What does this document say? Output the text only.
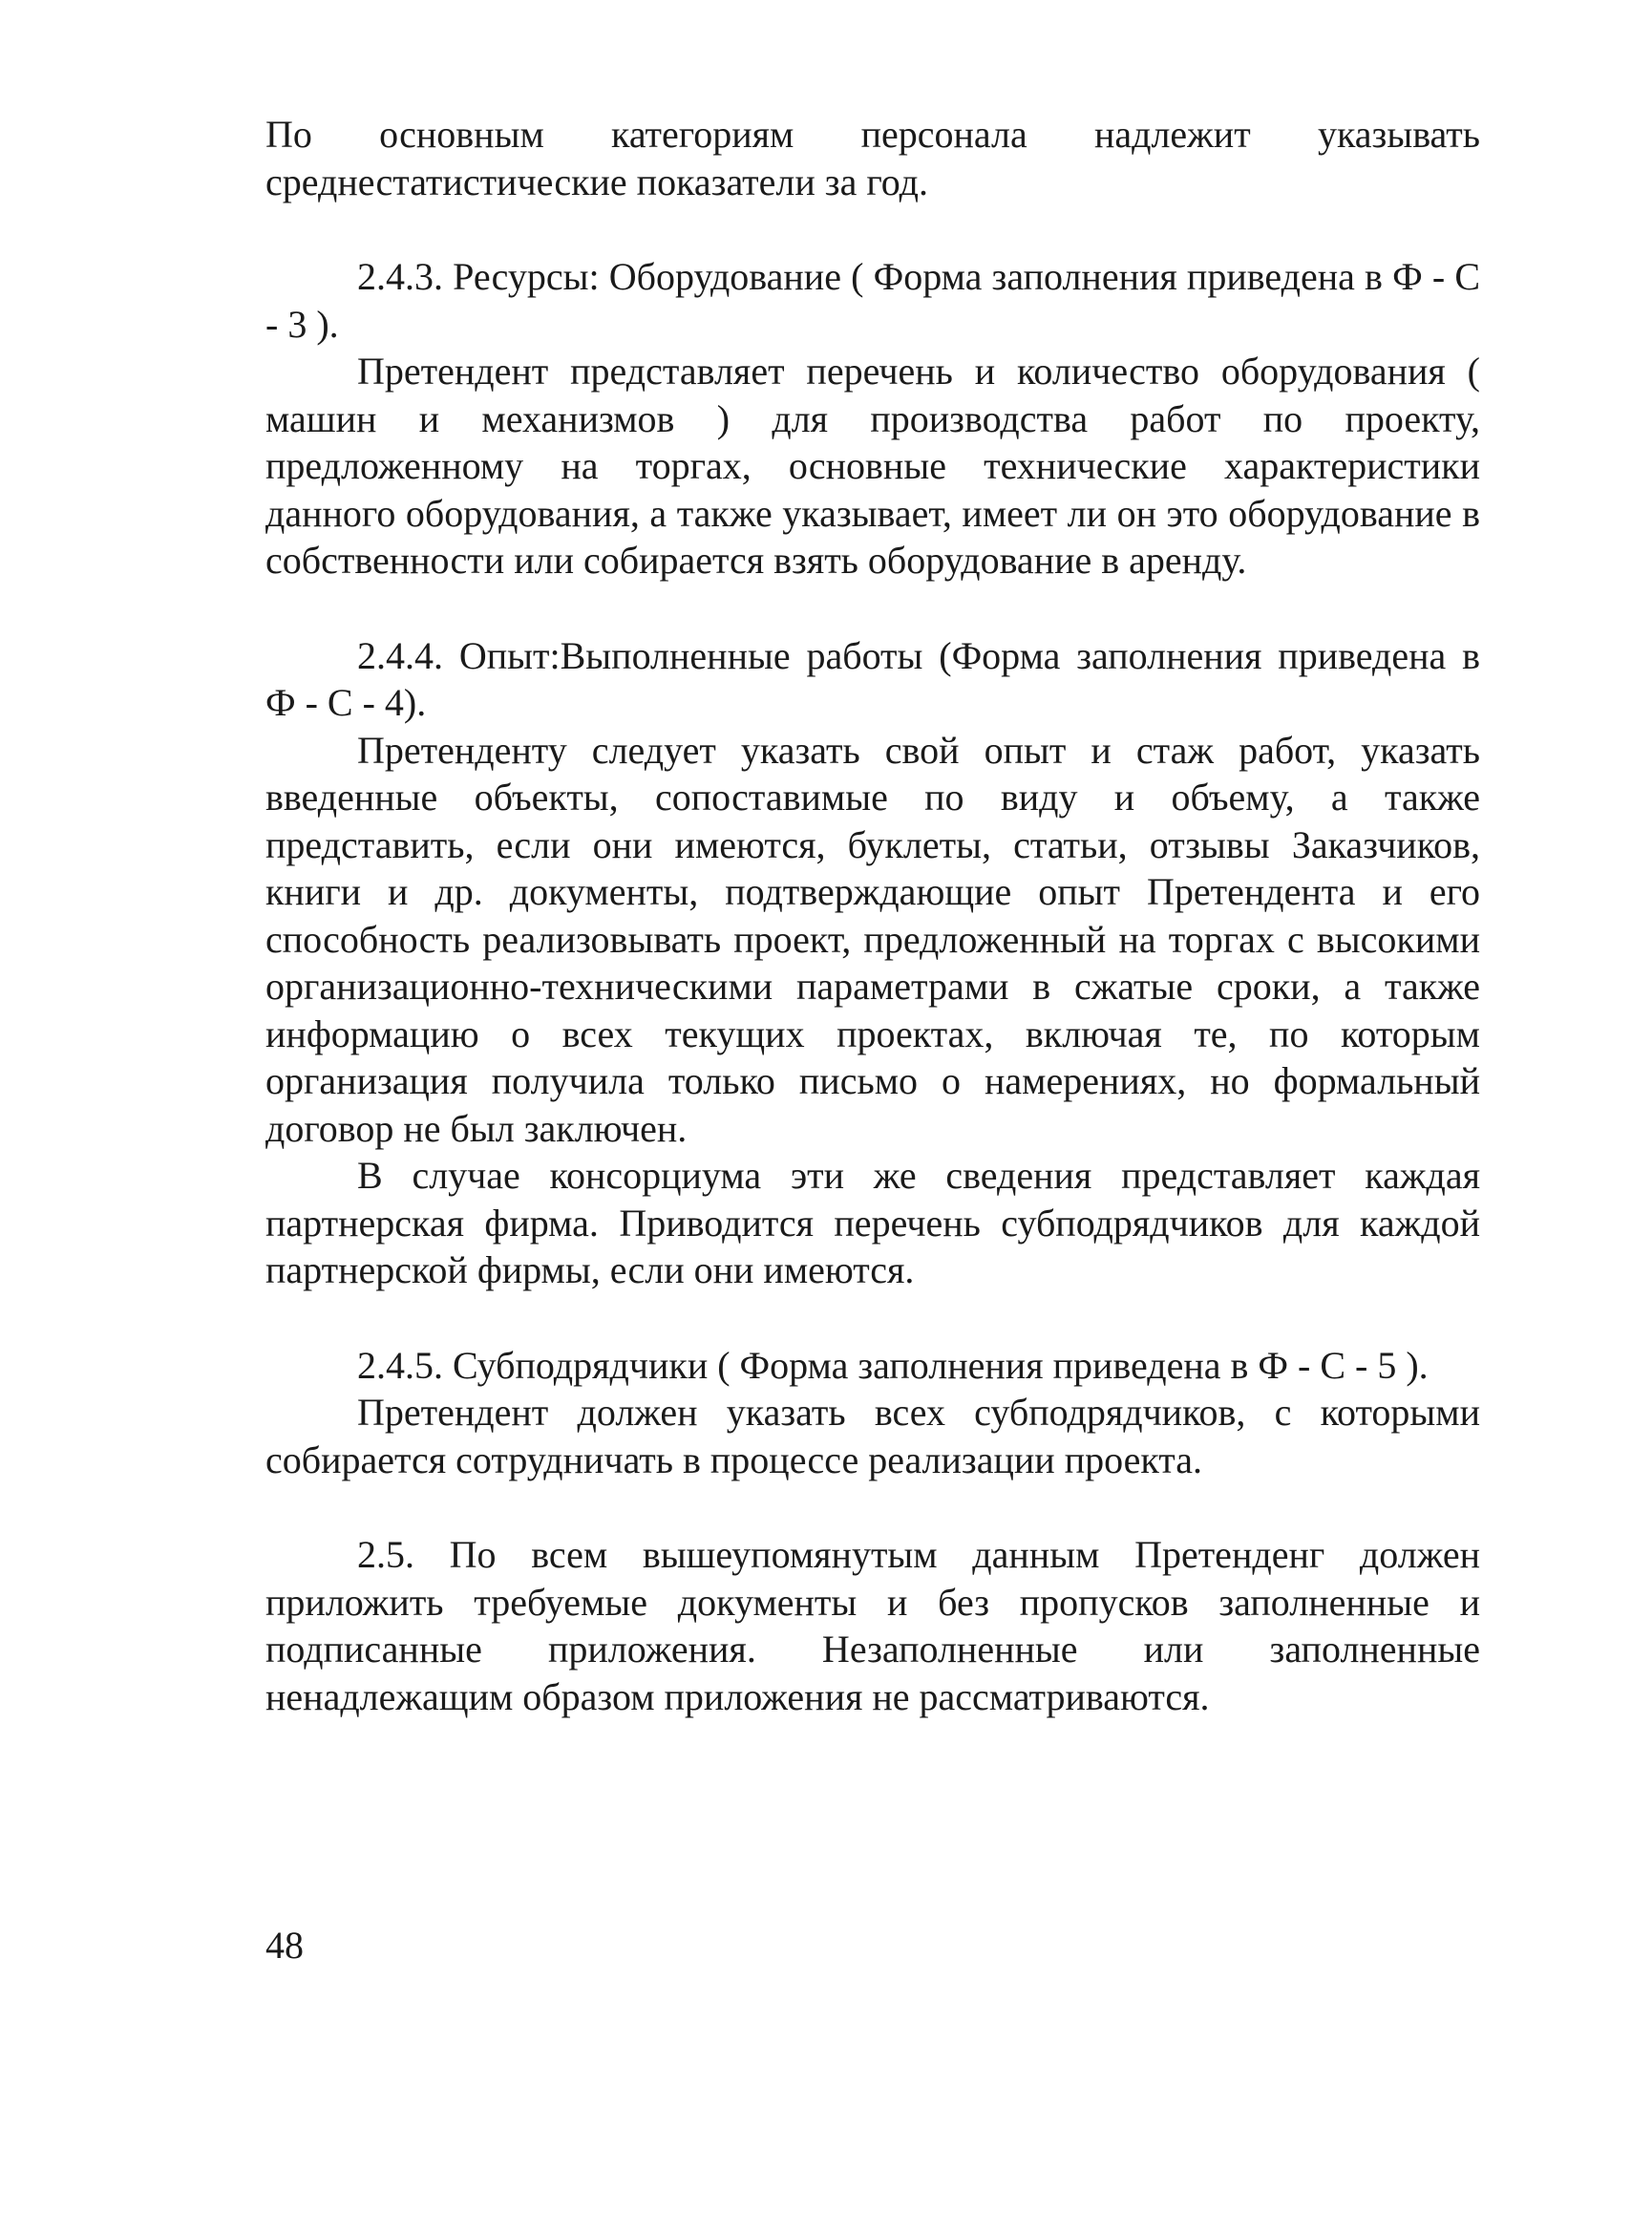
По основным категориям персонала надлежит указывать среднестатистические показатели за год.

2.4.3. Ресурсы: Оборудование ( Форма заполнения приведена в Ф - С - 3 ).

Претендент представляет перечень и количество оборудования ( машин и механизмов ) для производства работ по проекту, предложенному на торгах, основные технические характеристики данного оборудования, а также указывает, имеет ли он это оборудование в собственности или собирается взять оборудование в аренду.

2.4.4. Опыт:Выполненные работы (Форма заполнения приведена в Ф - С - 4).

Претенденту следует указать свой опыт и стаж работ, указать введенные объекты, сопоставимые по виду и объему, а также представить, если они имеются, буклеты, статьи, отзывы Заказчиков, книги и др. документы, подтверждающие опыт Претендента и его способность реализовывать проект, предложенный на торгах с высокими организационно-техническими параметрами в сжатые сроки, а также информацию о всех текущих проектах, включая те, по которым организация получила только письмо о намерениях, но формальный договор не был заключен.

В случае консорциума эти же сведения представляет каждая партнерская фирма. Приводится перечень субподрядчиков для каждой партнерской фирмы, если они имеются.

2.4.5. Субподрядчики ( Форма заполнения приведена в Ф - С - 5 ).

Претендент должен указать всех субподрядчиков, с которыми собирается сотрудничать в процессе реализации проекта.

2.5. По всем вышеупомянутым данным Претенденг должен приложить требуемые документы и без пропусков заполненные и подписанные приложения. Незаполненные или заполненные ненадлежащим образом приложения не рассматриваются.

48
